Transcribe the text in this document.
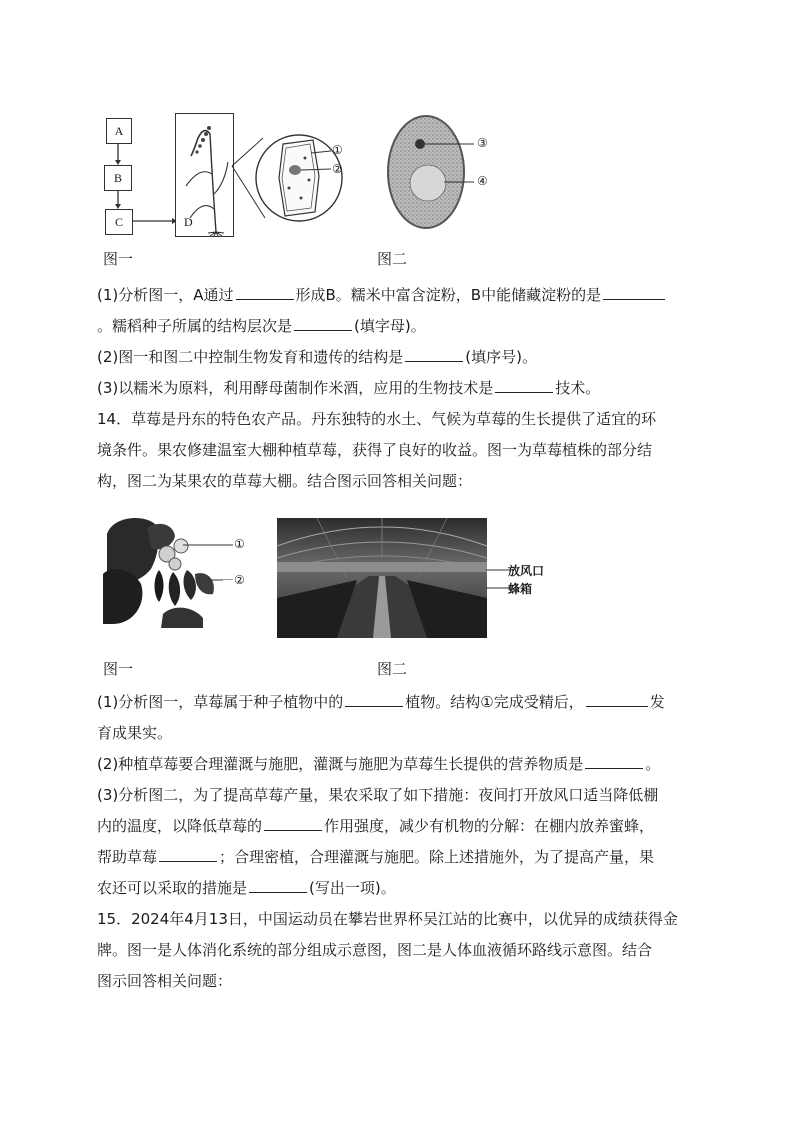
A
B
C	D
①
②
③
④
图一	图二
(1)分析图一，A通过	形成B。糯米中富含淀粉，B中能储藏淀粉的是
。糯稻种子所属的结构层次是	(填字母)。
(2)图一和图二中控制生物发育和遗传的结构是	(填序号)。
(3)以糯米为原料，利用酵母菌制作米酒，应用的生物技术是	技术。
14．草莓是丹东的特色农产品。丹东独特的水土、气候为草莓的生长提供了适宜的环
境条件。果农修建温室大棚种植草莓，获得了良好的收益。图一为草莓植株的部分结
构，图二为某果农的草莓大棚。结合图示回答相关问题：
①
②
放风口
蜂箱
图一	图二
(1)分析图一，草莓属于种子植物中的	植物。结构①完成受精后，	发
育成果实。
(2)种植草莓要合理灌溉与施肥，灌溉与施肥为草莓生长提供的营养物质是	。
(3)分析图二，为了提高草莓产量，果农采取了如下措施：夜间打开放风口适当降低棚
内的温度，以降低草莓的	作用强度，减少有机物的分解：在棚内放养蜜蜂，
帮助草莓	；合理密植，合理灌溉与施肥。除上述措施外，为了提高产量，果
农还可以采取的措施是	(写出一项)。
15．2024年4月13日，中国运动员在攀岩世界杯吴江站的比赛中，以优异的成绩获得金
牌。图一是人体消化系统的部分组成示意图，图二是人体血液循环路线示意图。结合
图示回答相关问题：
